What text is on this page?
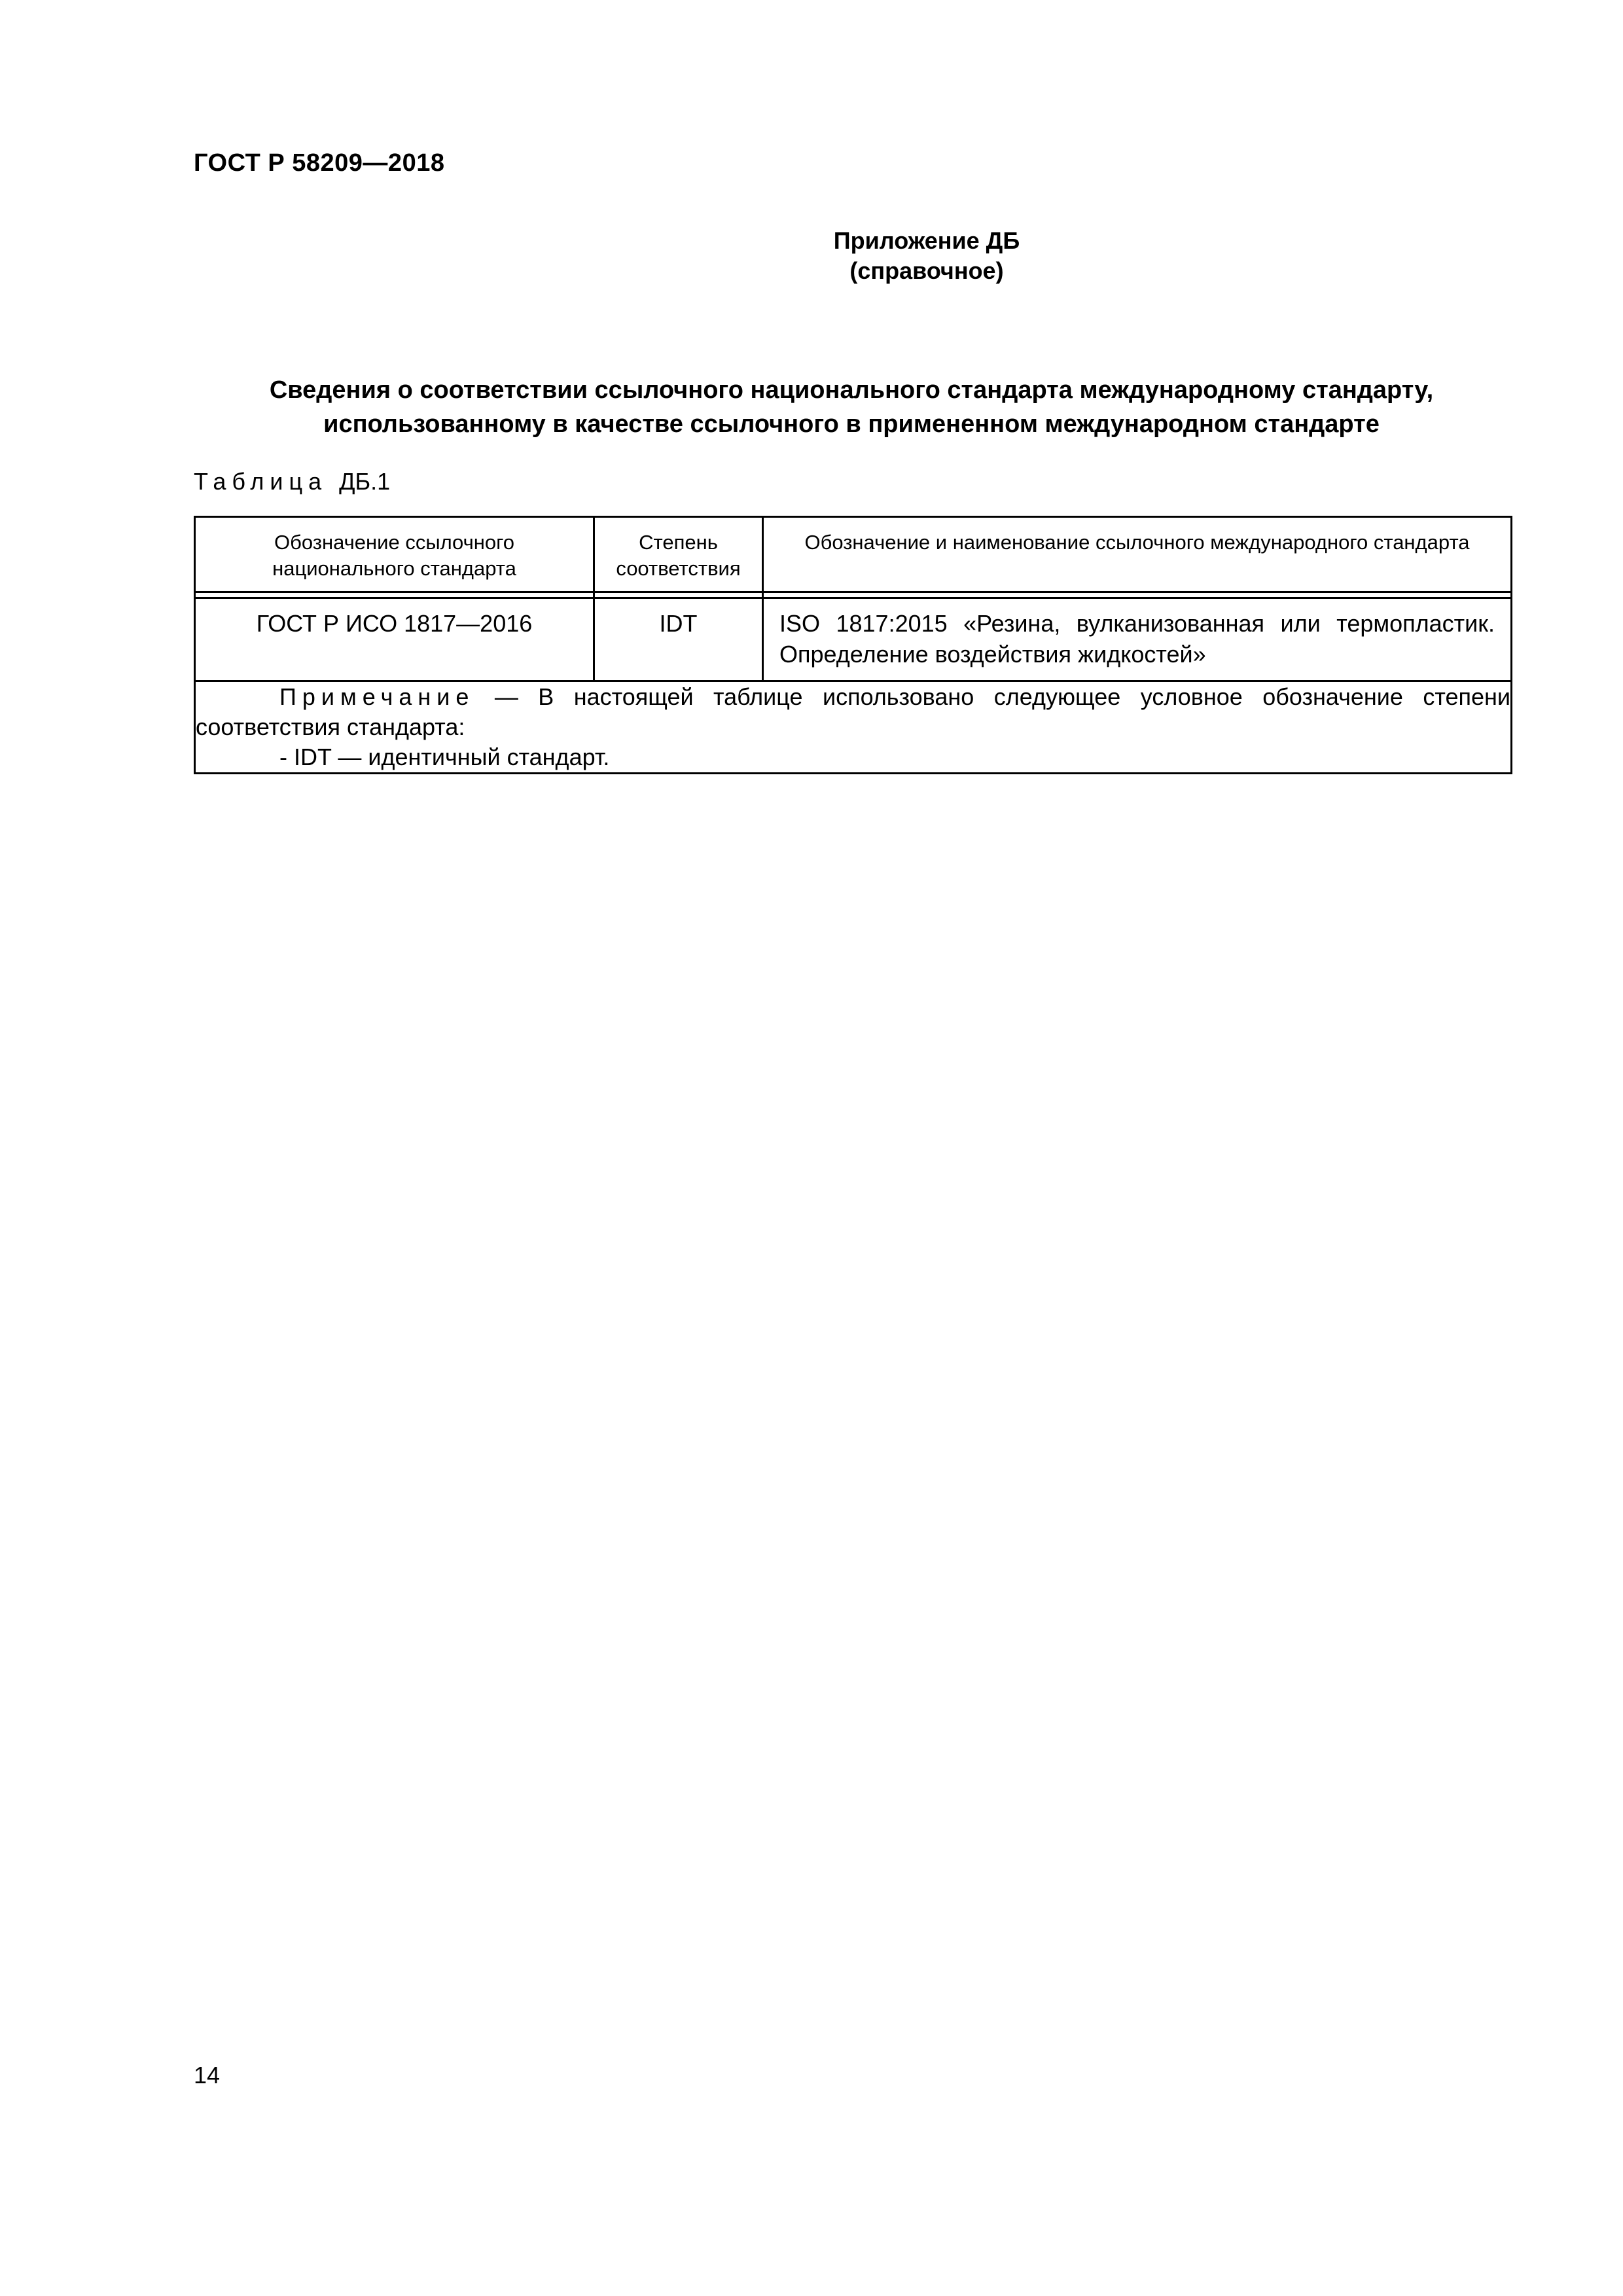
ГОСТ Р 58209—2018
Приложение ДБ
(справочное)
Сведения о соответствии ссылочного национального стандарта международному стандарту,
использованному в качестве ссылочного в примененном международном стандарте
Таблица ДБ.1
Обозначение ссылочного национального стандарта	Степень соответствия	Обозначение и наименование ссылочного международного стандарта

ГОСТ Р ИСО 1817—2016	IDT	ISO 1817:2015 «Резина, вулканизованная или термопластик. Определение воздействия жидкостей»

Примечание — В настоящей таблице использовано следующее условное обозначение степени соответствия стандарта:
- IDT — идентичный стандарт.		
14
